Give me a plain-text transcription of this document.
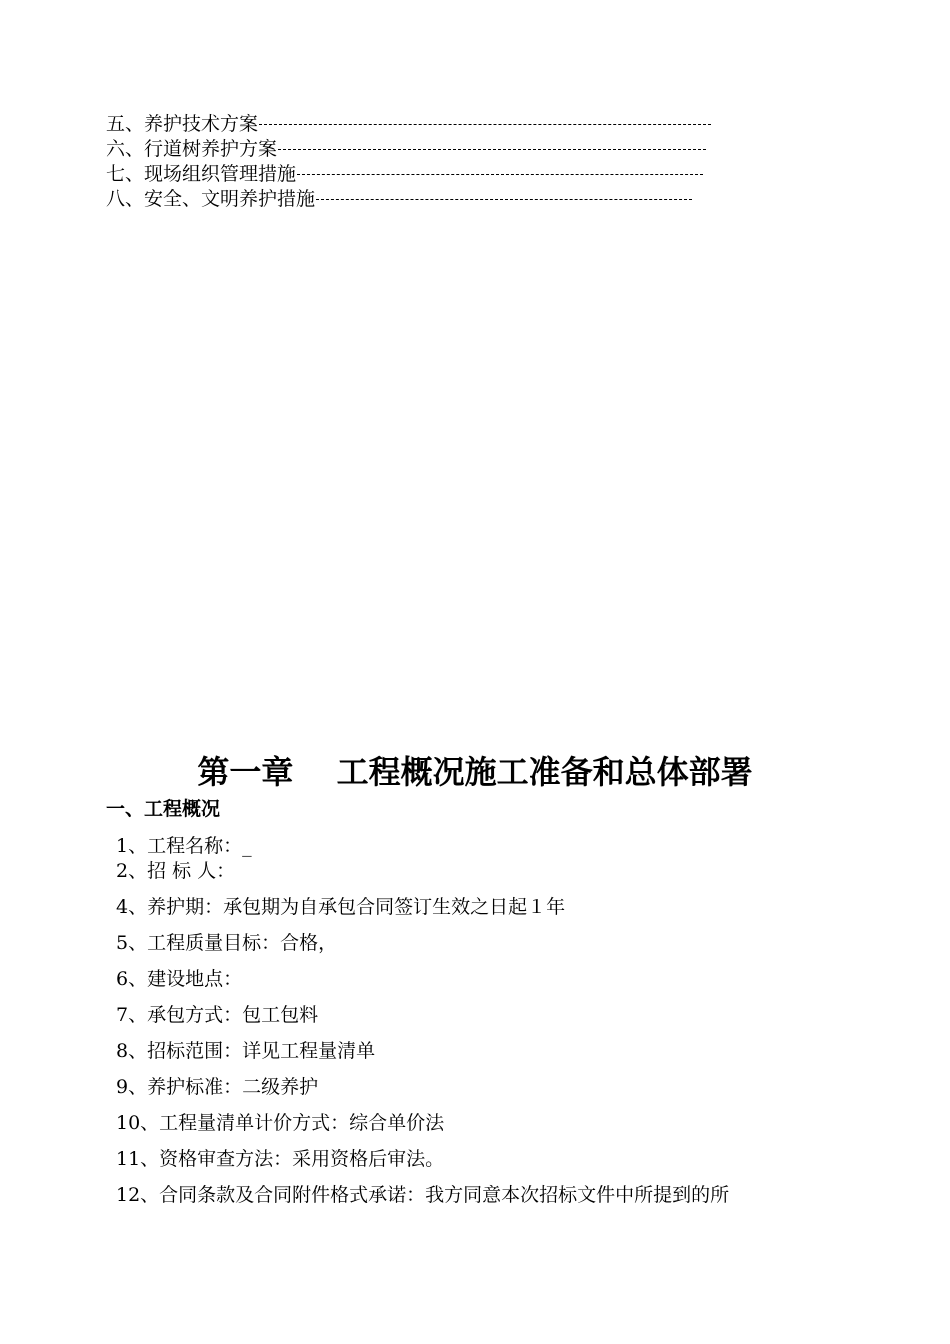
五、养护技术方案
六、行道树养护方案
七、现场组织管理措施
八、安全、文明养护措施
第一章　 工程概况施工准备和总体部署
一、工程概况
1、工程名称：_
2、招 标 人：
4、养护期：承包期为自承包合同签订生效之日起１年
5、工程质量目标：合格，
6、建设地点：
7、承包方式：包工包料
8、招标范围：详见工程量清单
9、养护标准：二级养护
10、工程量清单计价方式：综合单价法
11、资格审查方法：采用资格后审法。
12、合同条款及合同附件格式承诺：我方同意本次招标文件中所提到的所
